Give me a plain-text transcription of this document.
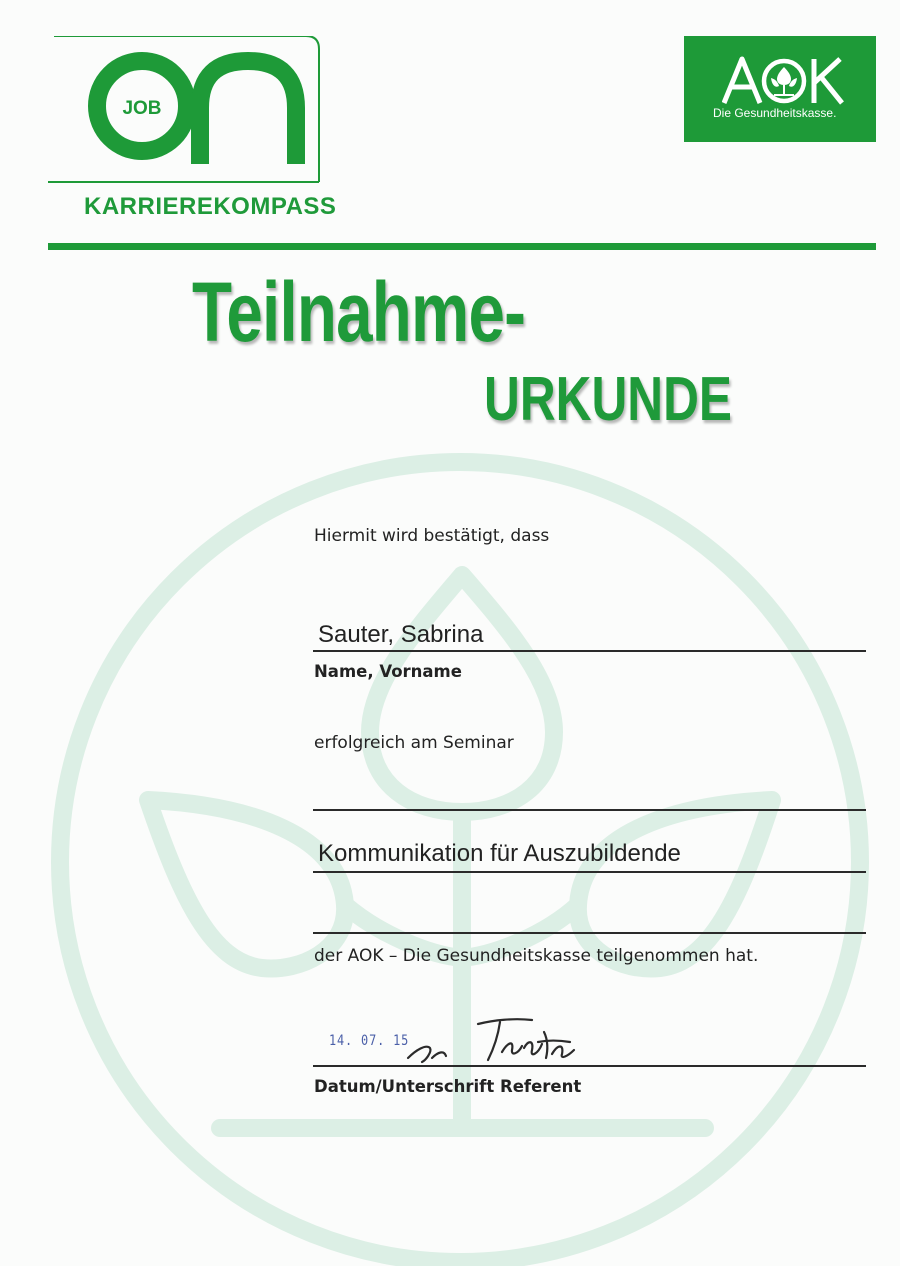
JOB
KARRIEREKOMPASS
Die Gesundheitskasse.
Teilnahme-
URKUNDE
Hiermit wird bestätigt, dass
Sauter, Sabrina
Name, Vorname
erfolgreich am Seminar
Kommunikation für Auszubildende
der AOK – Die Gesundheitskasse teilgenommen hat.
14. 07. 15
Datum/Unterschrift Referent
